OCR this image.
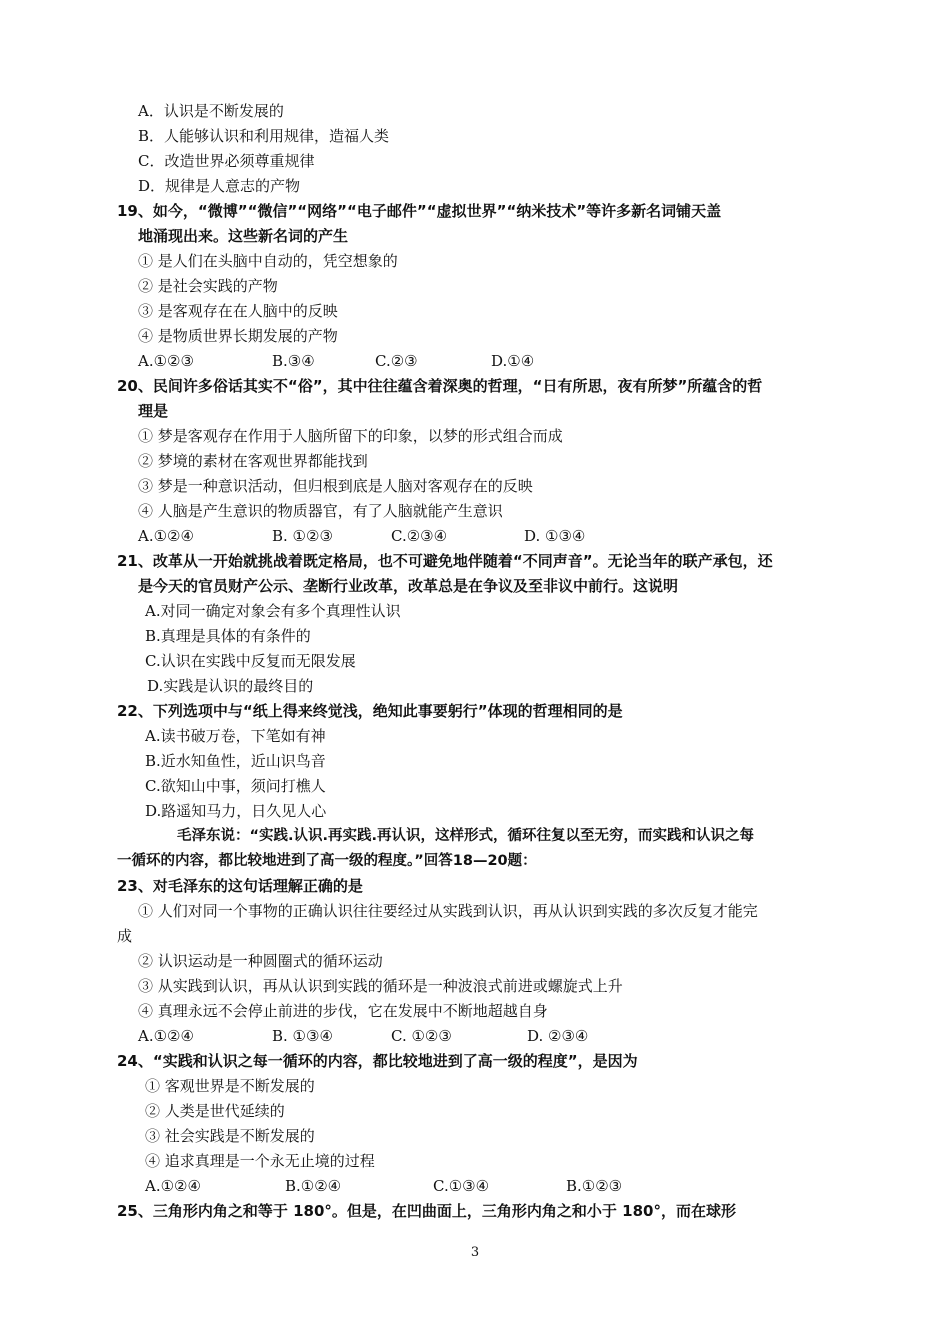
A．认识是不断发展的
B．人能够认识和利用规律，造福人类
C．改造世界必须尊重规律
D．规律是人意志的产物
19、如今，“微博”“微信”“网络”“电子邮件”“虚拟世界”“纳米技术”等许多新名词铺天盖
地涌现出来。这些新名词的产生
① 是人们在头脑中自动的，凭空想象的
② 是社会实践的产物
③ 是客观存在在人脑中的反映
④ 是物质世界长期发展的产物
A.①②③	B.③④	C.②③	D.①④
20、民间许多俗话其实不“俗”，其中往往蕴含着深奥的哲理，“日有所思，夜有所梦”所蕴含的哲
理是
① 梦是客观存在作用于人脑所留下的印象，以梦的形式组合而成
② 梦境的素材在客观世界都能找到
③ 梦是一种意识活动，但归根到底是人脑对客观存在的反映
④ 人脑是产生意识的物质器官，有了人脑就能产生意识
A.①②④	B. ①②③	C.②③④	D. ①③④
21、改革从一开始就挑战着既定格局，也不可避免地伴随着“不同声音”。无论当年的联产承包，还
是今天的官员财产公示、垄断行业改革，改革总是在争议及至非议中前行。这说明
A.对同一确定对象会有多个真理性认识
B.真理是具体的有条件的
C.认识在实践中反复而无限发展
D.实践是认识的最终目的
22、下列选项中与“纸上得来终觉浅，绝知此事要躬行”体现的哲理相同的是
A.读书破万卷，下笔如有神
B.近水知鱼性，近山识鸟音
C.欲知山中事，须问打樵人
D.路遥知马力，日久见人心
毛泽东说：“实践.认识.再实践.再认识，这样形式，循环往复以至无穷，而实践和认识之每
一循环的内容，都比较地进到了高一级的程度。”回答18—20题：
23、对毛泽东的这句话理解正确的是
① 人们对同一个事物的正确认识往往要经过从实践到认识，再从认识到实践的多次反复才能完
成
② 认识运动是一种圆圈式的循环运动
③ 从实践到认识，再从认识到实践的循环是一种波浪式前进或螺旋式上升
④ 真理永远不会停止前进的步伐，它在发展中不断地超越自身
A.①②④	B. ①③④	C. ①②③	D. ②③④
24、“实践和认识之每一循环的内容，都比较地进到了高一级的程度”，是因为
① 客观世界是不断发展的
② 人类是世代延续的
③ 社会实践是不断发展的
④ 追求真理是一个永无止境的过程
A.①②④	B.①②④	C.①③④	B.①②③
25、三角形内角之和等于 180°。但是，在凹曲面上，三角形内角之和小于 180°，而在球形
3
